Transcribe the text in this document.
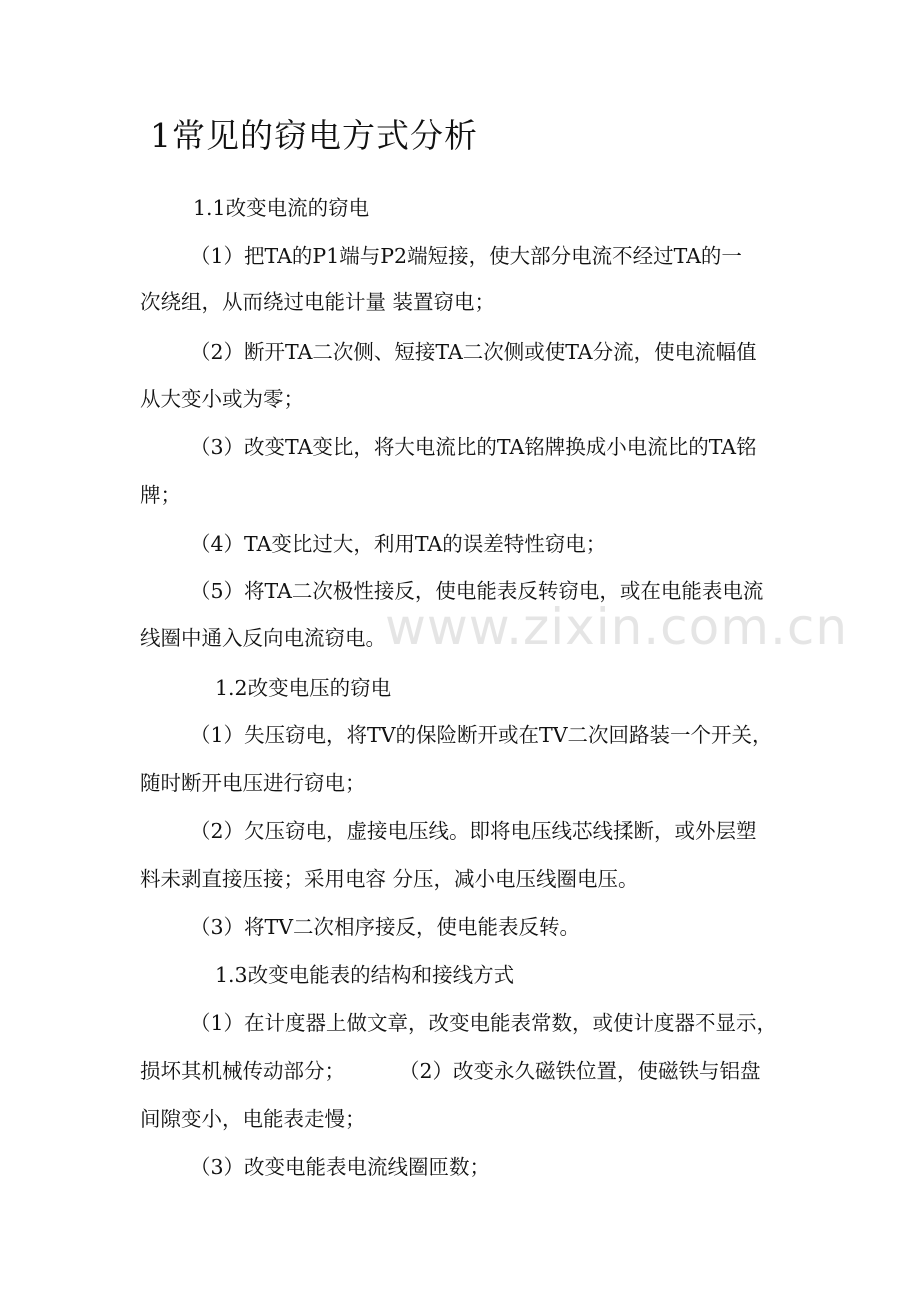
1常见的窃电方式分析
1.1改变电流的窃电
（1）把TA的P1端与P2端短接，使大部分电流不经过TA的一
次绕组，从而绕过电能计量 装置窃电；
（2）断开TA二次侧、短接TA二次侧或使TA分流，使电流幅值
从大变小或为零；
（3）改变TA变比，将大电流比的TA铭牌换成小电流比的TA铭
牌；
（4）TA变比过大，利用TA的误差特性窃电；
（5）将TA二次极性接反，使电能表反转窃电，或在电能表电流
线圈中通入反向电流窃电。
1.2改变电压的窃电
（1）失压窃电，将TV的保险断开或在TV二次回路装一个开关，
随时断开电压进行窃电；
（2）欠压窃电，虚接电压线。即将电压线芯线揉断，或外层塑
料未剥直接压接；采用电容 分压，减小电压线圈电压。
（3）将TV二次相序接反，使电能表反转。
1.3改变电能表的结构和接线方式
（1）在计度器上做文章，改变电能表常数，或使计度器不显示，
损坏其机械传动部分；	（2）改变永久磁铁位置，使磁铁与铝盘
间隙变小，电能表走慢；
（3）改变电能表电流线圈匝数；
www.zixin.com.cn
